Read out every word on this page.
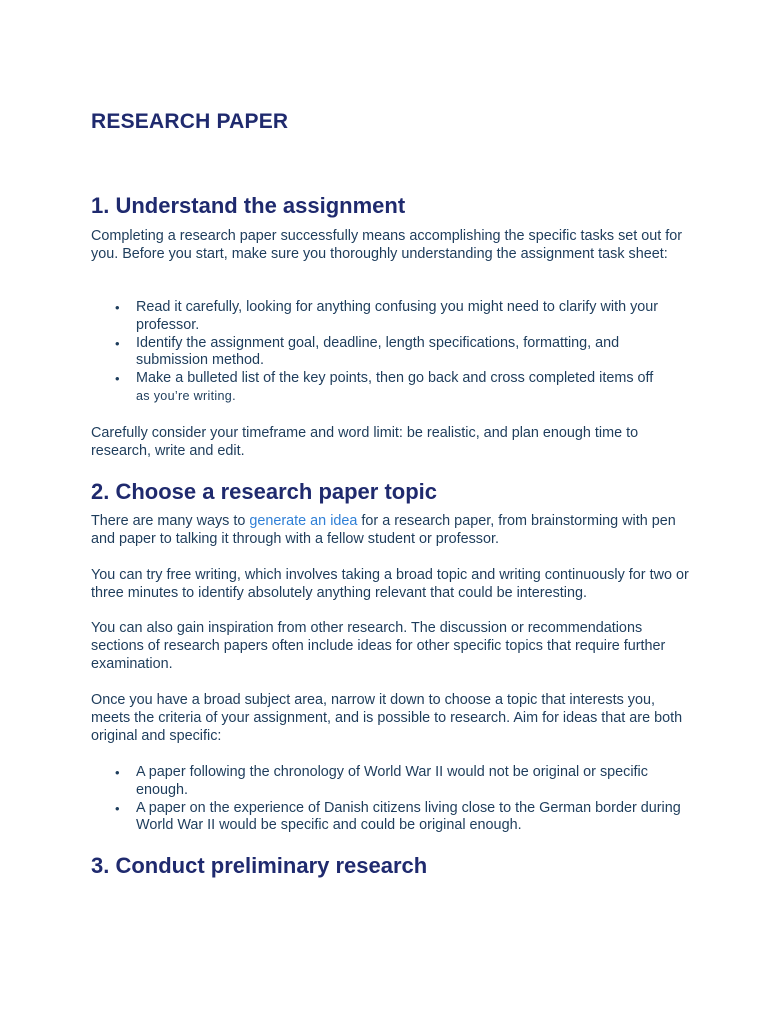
RESEARCH PAPER
1. Understand the assignment

Completing a research paper successfully means accomplishing the specific tasks set out for you. Before you start, make sure you thoroughly understanding the assignment task sheet:

• Read it carefully, looking for anything confusing you might need to clarify with your professor.
• Identify the assignment goal, deadline, length specifications, formatting, and submission method.
• Make a bulleted list of the key points, then go back and cross completed items off
as you’re writing.

Carefully consider your timeframe and word limit: be realistic, and plan enough time to research, write and edit.

2. Choose a research paper topic

There are many ways to generate an idea for a research paper, from brainstorming with pen and paper to talking it through with a fellow student or professor.

You can try free writing, which involves taking a broad topic and writing continuously for two or three minutes to identify absolutely anything relevant that could be interesting.

You can also gain inspiration from other research. The discussion or recommendations sections of research papers often include ideas for other specific topics that require further examination.

Once you have a broad subject area, narrow it down to choose a topic that interests you, meets the criteria of your assignment, and is possible to research. Aim for ideas that are both original and specific:

• A paper following the chronology of World War II would not be original or specific enough.
• A paper on the experience of Danish citizens living close to the German border during World War II would be specific and could be original enough.
3. Conduct preliminary research
